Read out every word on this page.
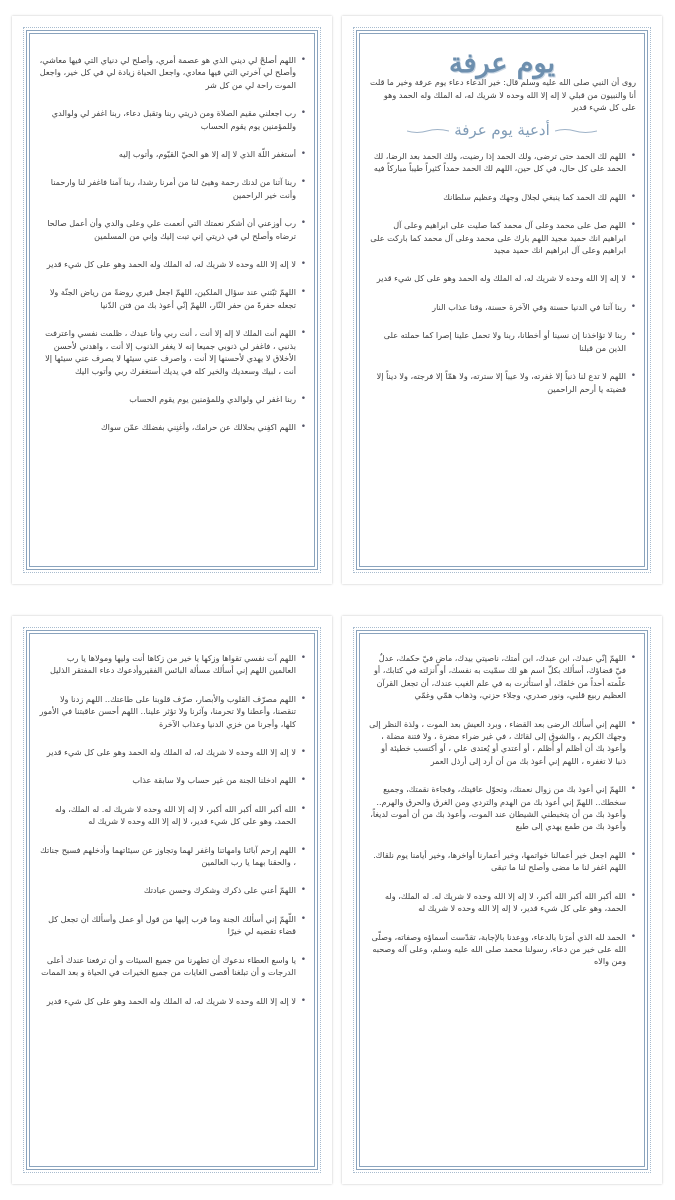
• اللهم أصلحْ لي ديني الذي هو عصمة أمري، وأصلح لي دنياي التي فيها معاشي، وأصلح لي آخرتي التي فيها معادي، واجعل الحياة زيادة لي في كل خير، واجعل الموت راحة لي من كل شر
• رب اجعلني مقيم الصلاة ومن ذريتي ربنا وتقبل دعاء، ربنا اغفر لي ولوالدي وللمؤمنين يوم يقوم الحساب
• أستغفر اللّهَ الذي لا إله إلا هو الحيّ القيّوم، وأتوب إليه
• ربنا آتنا من لدنك رحمة وهيئ لنا من أمرنا رشدا، ربنا آمنا فاغفر لنا وارحمنا وأنت خير الراحمين
• رب أوزعني أن أشكر نعمتك التي أنعمت علي وعلى والدي وأن أعمل صالحا ترضاه وأصلح لي في ذريتي إني تبت إليك وإني من المسلمين
• لا إله إلا الله وحده لا شريك له، له الملك وله الحمد وهو على كل شيء قدير
• اللهمّ ثبّتني عند سؤال الملكين، اللهمّ اجعل قبري روضةً من رياض الجنّة ولا تجعله حفرةً من حفر النّار، اللهمّ إنّي أعوذ بك من فتن الدّنيا
• اللهم أنت الملك لا إله إلا أنت ، أنت ربي وأنا عبدك ، ظلمت نفسي واعترفت بذنبي ، فاغفر لي ذنوبي جميعا إنه لا يغفر الذنوب إلا أنت ، واهدني لأحسن الأخلاق لا يهدي لأحسنها إلا أنت ، واصرف عني سيئها لا يصرف عني سيئها إلا أنت ، لبيك وسعديك والخير كله في يديك أستغفرك ربي وأتوب اليك
• ربنا اغفر لي ولوالدي وللمؤمنين يوم يقوم الحساب
• اللهم اكفِني بحلالك عن حرامك، وأغنِني بفضلك عمّن سواك
يوم عرفة
روى أن النبي صلى الله عليه وسلم قال: خير الدعاء دعاء يوم عرفة وخير ما قلت أنا والنبيون من قبلي لا إله إلا الله وحده لا شريك له، له الملك وله الحمد وهو على كل شيء قدير
أدعية يوم عرفة
• اللهم لك الحمد حتى ترضى، ولك الحمد إذا رضيت، ولك الحمد بعد الرضا، لك الحمد على كل حال، في كل حين، اللهم لك الحمد حمداً كثيراً طيباً مباركاً فيه
• اللهم لك الحمد كما ينبغي لجلال وجهك وعظيم سلطانك
• اللهم صل على محمد وعلى آل محمد كما صليت على ابراهيم وعلى آل ابراهيم انك حميد مجيد اللهم بارك على محمد وعلى آل محمد كما باركت على ابراهيم وعلى آل ابراهيم انك حميد مجيد
• لا إله إلا الله وحده لا شريك له، له الملك وله الحمد وهو على كل شيء قدير
• ربنا آتنا في الدنيا حسنة وفي الآخرة حسنة، وقنا عذاب النار
• ربنا لا تؤاخذنا إن نسينا أو أخطانا، ربنا ولا تحمل علينا إصرا كما حملته على الذين من قبلنا
• اللهم لا تدع لنا ذنباً إلا غفرته، ولا عيباً إلا سترته، ولا همّاً إلا فرجته، ولا ديناً إلا قضيته يا أرحم الراحمين
• اللهم آت نفسي تقواها وزكها يا خير من زكاها أنت وليها ومولاها يا رب العالمين اللهم إني أسألك مسألة البائس الفقيروأدعوك دعاء المفتقر الذليل
• اللهم مصرّف القلوب والأبصار، صرّف قلوبنا على طاعتك.. اللهم زدنا ولا تنقصنا، وأعطنا ولا تحرمنا، وآثرنا ولا تؤثر علينا.. اللهم أحسن عاقبتنا في الأمور كلها، وأجرنا من خزي الدنيا وعذاب الآخرة
• لا إله إلا الله وحده لا شريك له، له الملك وله الحمد وهو على كل شيء قدير
• اللهم ادخلنا الجنة من غير حساب ولا سابقة عذاب
• الله أكبر الله أكبر الله أكبر، لا إله إلا الله وحده لا شريك له. له الملك، وله الحمد، وهو على كل شيء قدير، لا إله إلا الله وحده لا شريك له
• اللهم إرحم آبائنا وامهاتنا واغفر لهما وتجاوز عن سيئاتهما وأدخلهم فسيح جناتك ، والحقنا بهما يا رب العالمين
• اللهمّ أعني على ذكرك وشكرك وحسن عبادتك
• اللّهمّ إني أسألك الجنة وما قرب إليها من قول أو عمل وأسألك أن تجعل كل قضاء تقضيه لي خيرًا
• يا واسع العطاء ندعوك أن تطهرنا من جميع السيئات و أن ترفعنا عندك أعلى الدرجات و أن تبلغنا أقصى الغايات من جميع الخيرات في الحياة و بعد الممات
• لا إله إلا الله وحده لا شريك له، له الملك وله الحمد وهو على كل شيء قدير
• اللهمّ إنّي عبدك، ابن عبدك، ابن أمتك، ناصيتي بيدك، ماضٍ فيّ حكمك، عدلٌ فيّ قضاؤك، أسألك بكلّ اسم هو لك سمّيت به نفسك، أو أنزلته في كتابك، أو علّمته أحداً من خلقك، أو استأثرت به في علم الغيب عندك، أن تجعل القرآن العظيم ربيع قلبي، ونور صدري، وجلاء حزني، وذهاب همّي وغمّي
• اللهم إني أسألك الرضى بعد القضاء ، وبرد العيش بعد الموت ، ولذة النظر إلى وجهك الكريم ، والشوق إلى لقائك ، في غير ضراء مضرة ، ولا فتنة مضلة ، وأعوذ بك أن أظلم أو أُظلم ، أو أعتدي أو يُعتدى علي ، أو أكتسب خطيئة أو ذنبا لا تغفره ، اللهم إني أعوذ بك من أن أرد إلى أرذل العمر
• اللهمّ إني أعوذ بك من زوال نعمتك، وتحوّل عافيتك، وفجاءة نقمتك، وجميع سخطك.. اللهمّ إني أعوذ بك من الهدم والتردي ومن الغرق والحرق والهرم.. وأعوذ بك من أن يتخبطني الشيطان عند الموت، وأعوذ بك من أن أموت لديغاً، وأعوذ بك من طمع يهدي إلى طبع
• اللهم اجعل خير أعمالنا خواتمها، وخير أعمارنا أواخرها، وخير أيامنا يوم نلقاك. اللهم اغفر لنا ما مضى وأصلح لنا ما تبقى
• الله أكبر الله أكبر الله أكبر، لا إله إلا الله وحده لا شريك له. له الملك، وله الحمد، وهو على كل شيء قدير، لا إله إلا الله وحده لا شريك له
• الحمد لله الذي أمرَنا بالدعاء، ووعدنا بالإجابة، تقدّست أسماؤه وصفاته، وصلّى الله على خير من دعاء، رسولنا محمد صلى الله عليه وسلم، وعلى آله وصحبه ومن والاه
